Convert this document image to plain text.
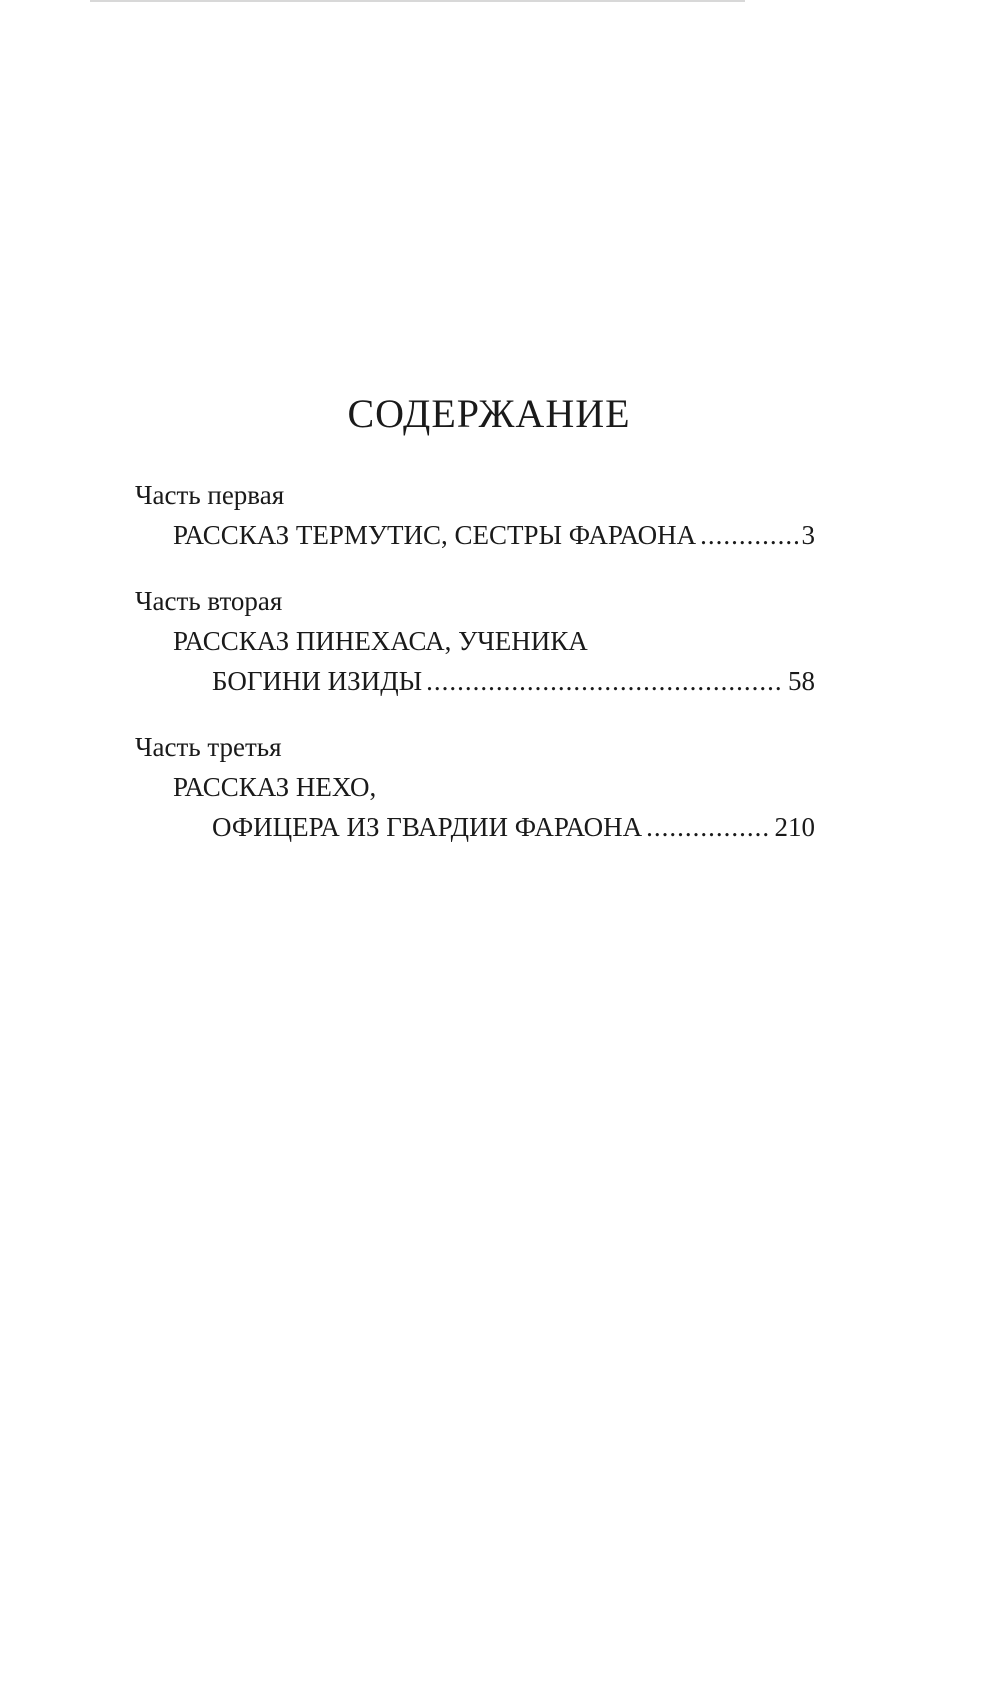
СОДЕРЖАНИЕ

Часть первая

РАССКАЗ ТЕРМУТИС, СЕСТРЫ ФАРАОНА .....	3

Часть вторая

РАССКАЗ ПИНЕХАСА, УЧЕНИКА
БОГИНИ ИЗИДЫ .....	58

Часть третья

РАССКАЗ НЕХО,
ОФИЦЕРА ИЗ ГВАРДИИ ФАРАОНА .....	210
